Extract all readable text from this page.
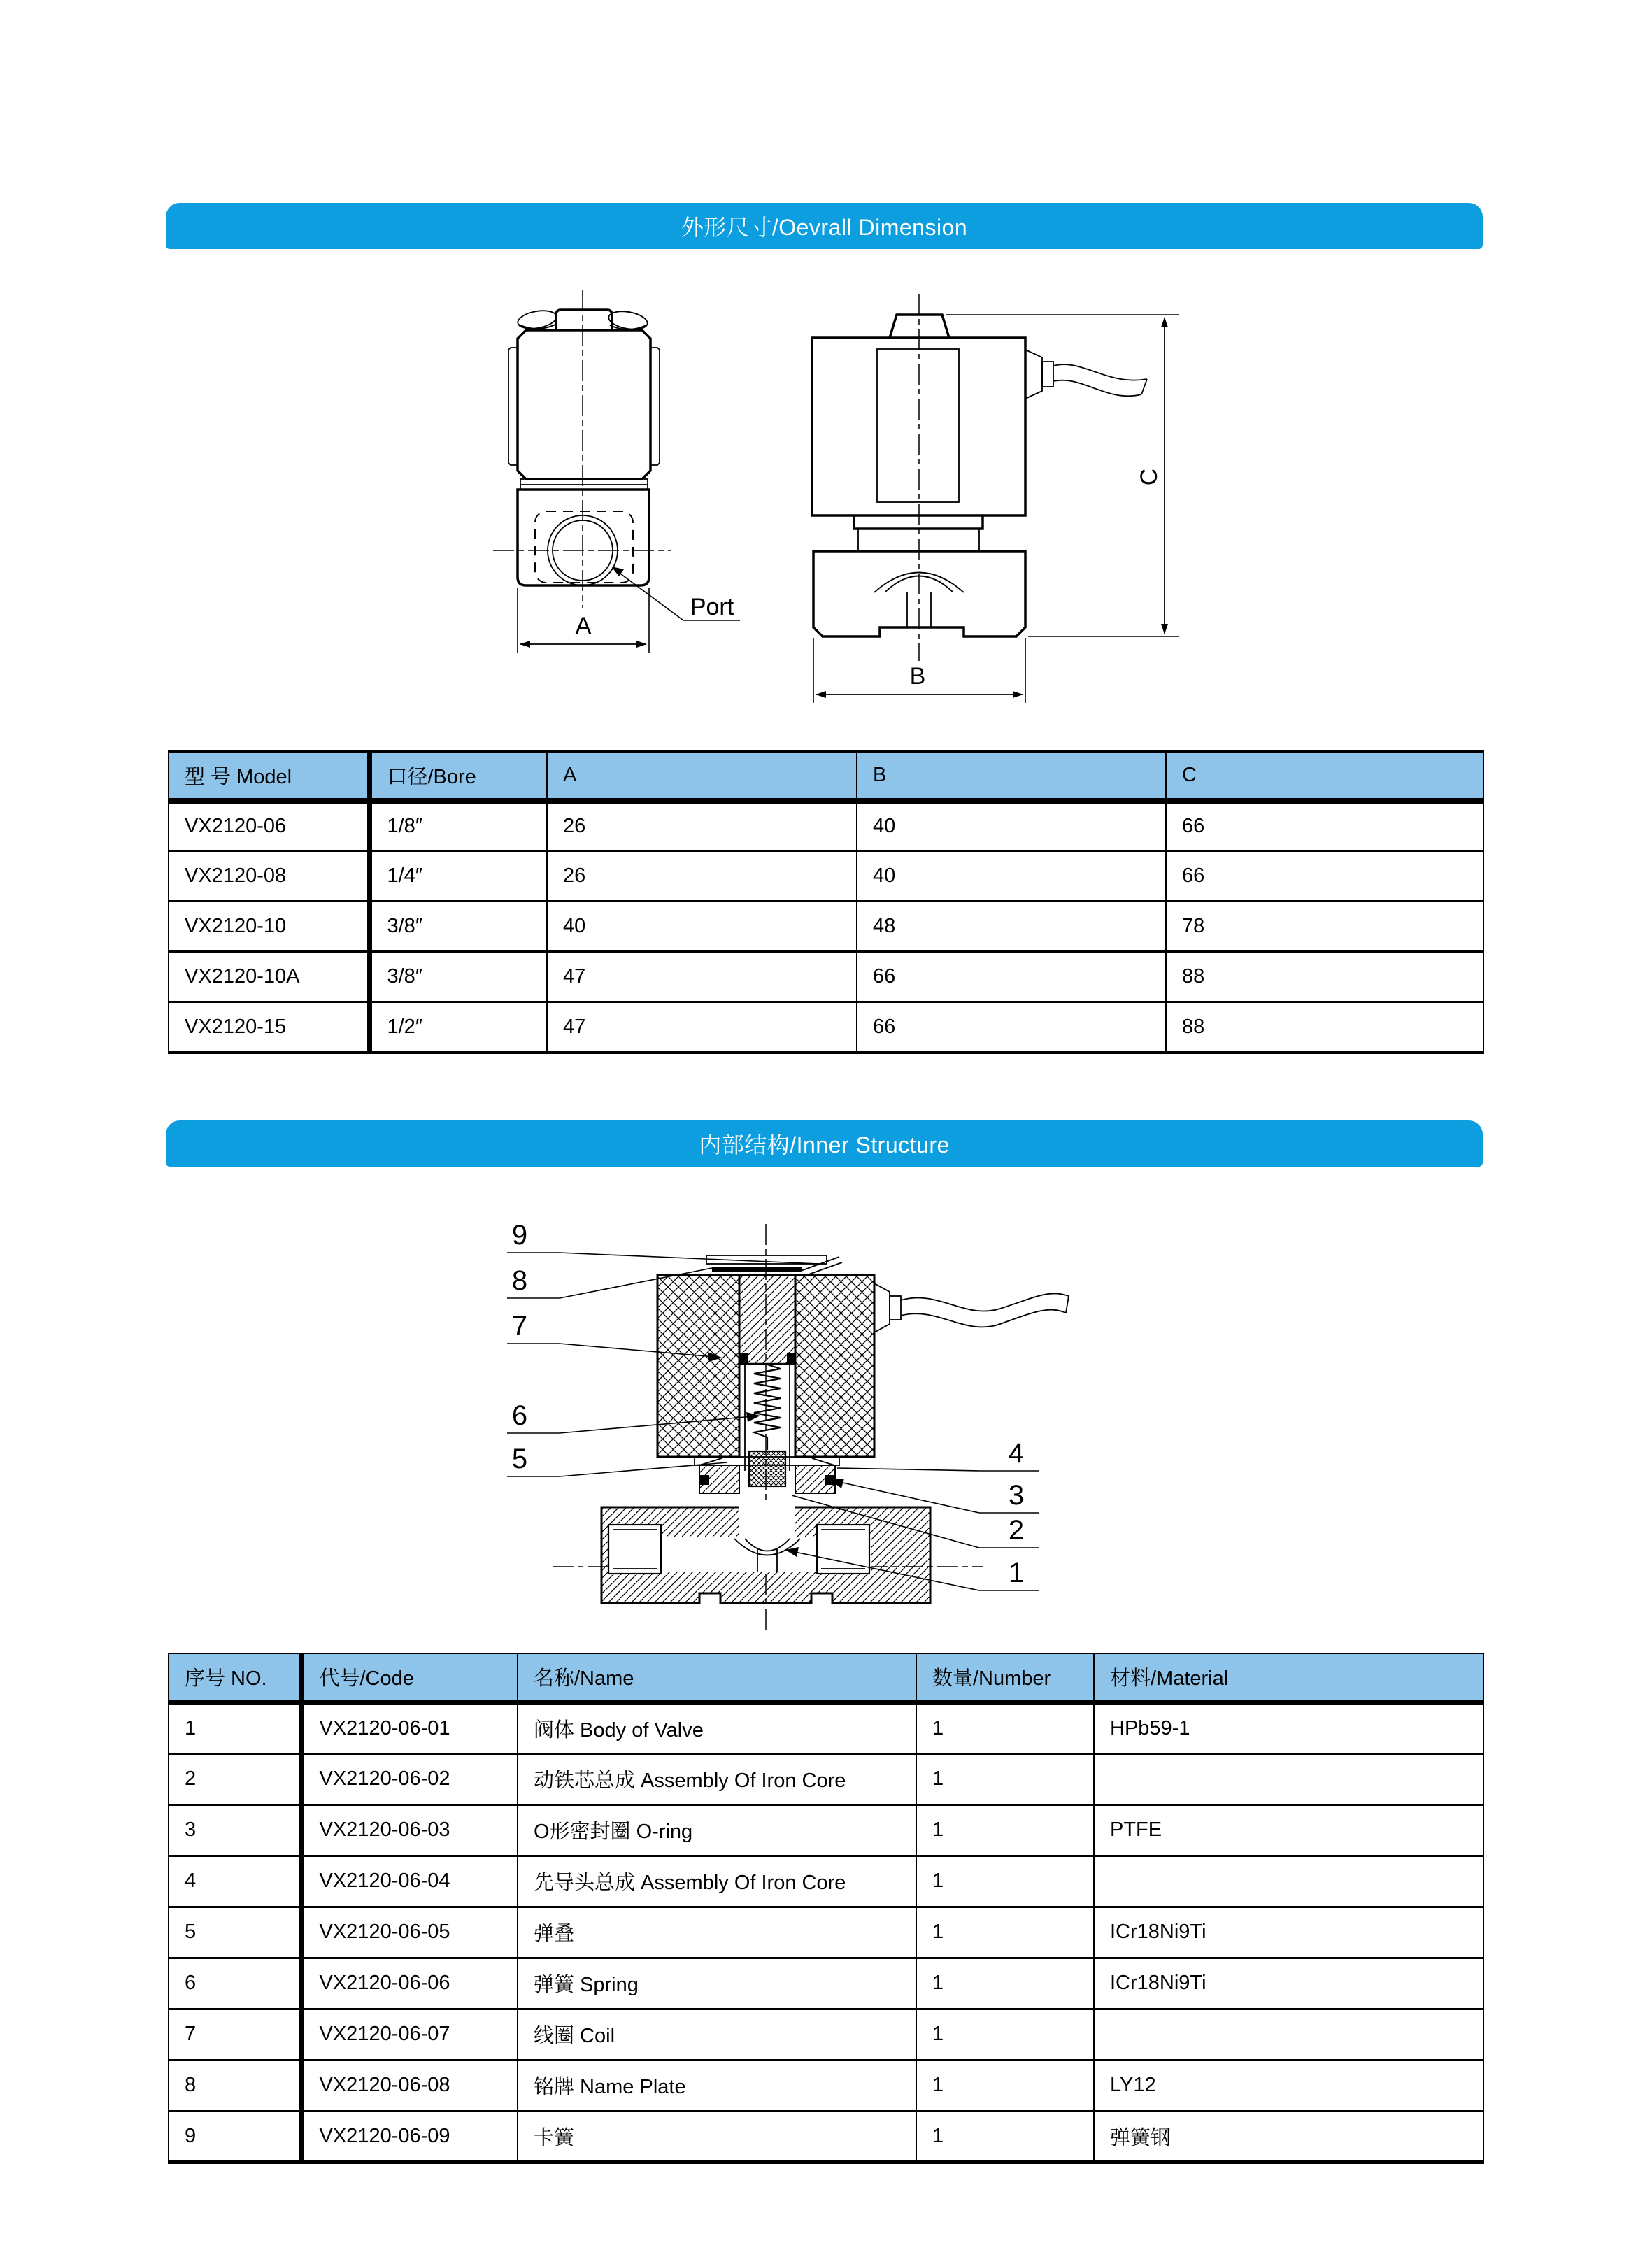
外形尺寸/Oevrall Dimension
A
Port
B
C
型 号 Model	口径/Bore	A	B	C
VX2120-06	1/8″	26	40	66
VX2120-08	1/4″	26	40	66
VX2120-10	3/8″	40	48	78
VX2120-10A	3/8″	47	66	88
VX2120-15	1/2″	47	66	88
内部结构/Inner Structure
9
8
7
6
5	4
3
2
1
序号 NO.	代号/Code	名称/Name	数量/Number	材料/Material
1	VX2120-06-01	阀体 Body of Valve	1	HPb59-1
2	VX2120-06-02	动铁芯总成 Assembly Of Iron Core	1	
3	VX2120-06-03	O形密封圈 O-ring	1	PTFE
4	VX2120-06-04	先导头总成 Assembly Of Iron Core	1	
5	VX2120-06-05	弹叠	1	ICr18Ni9Ti
6	VX2120-06-06	弹簧 Spring	1	ICr18Ni9Ti
7	VX2120-06-07	线圈 Coil	1	
8	VX2120-06-08	铭牌 Name Plate	1	LY12
9	VX2120-06-09	卡簧	1	弹簧钢
